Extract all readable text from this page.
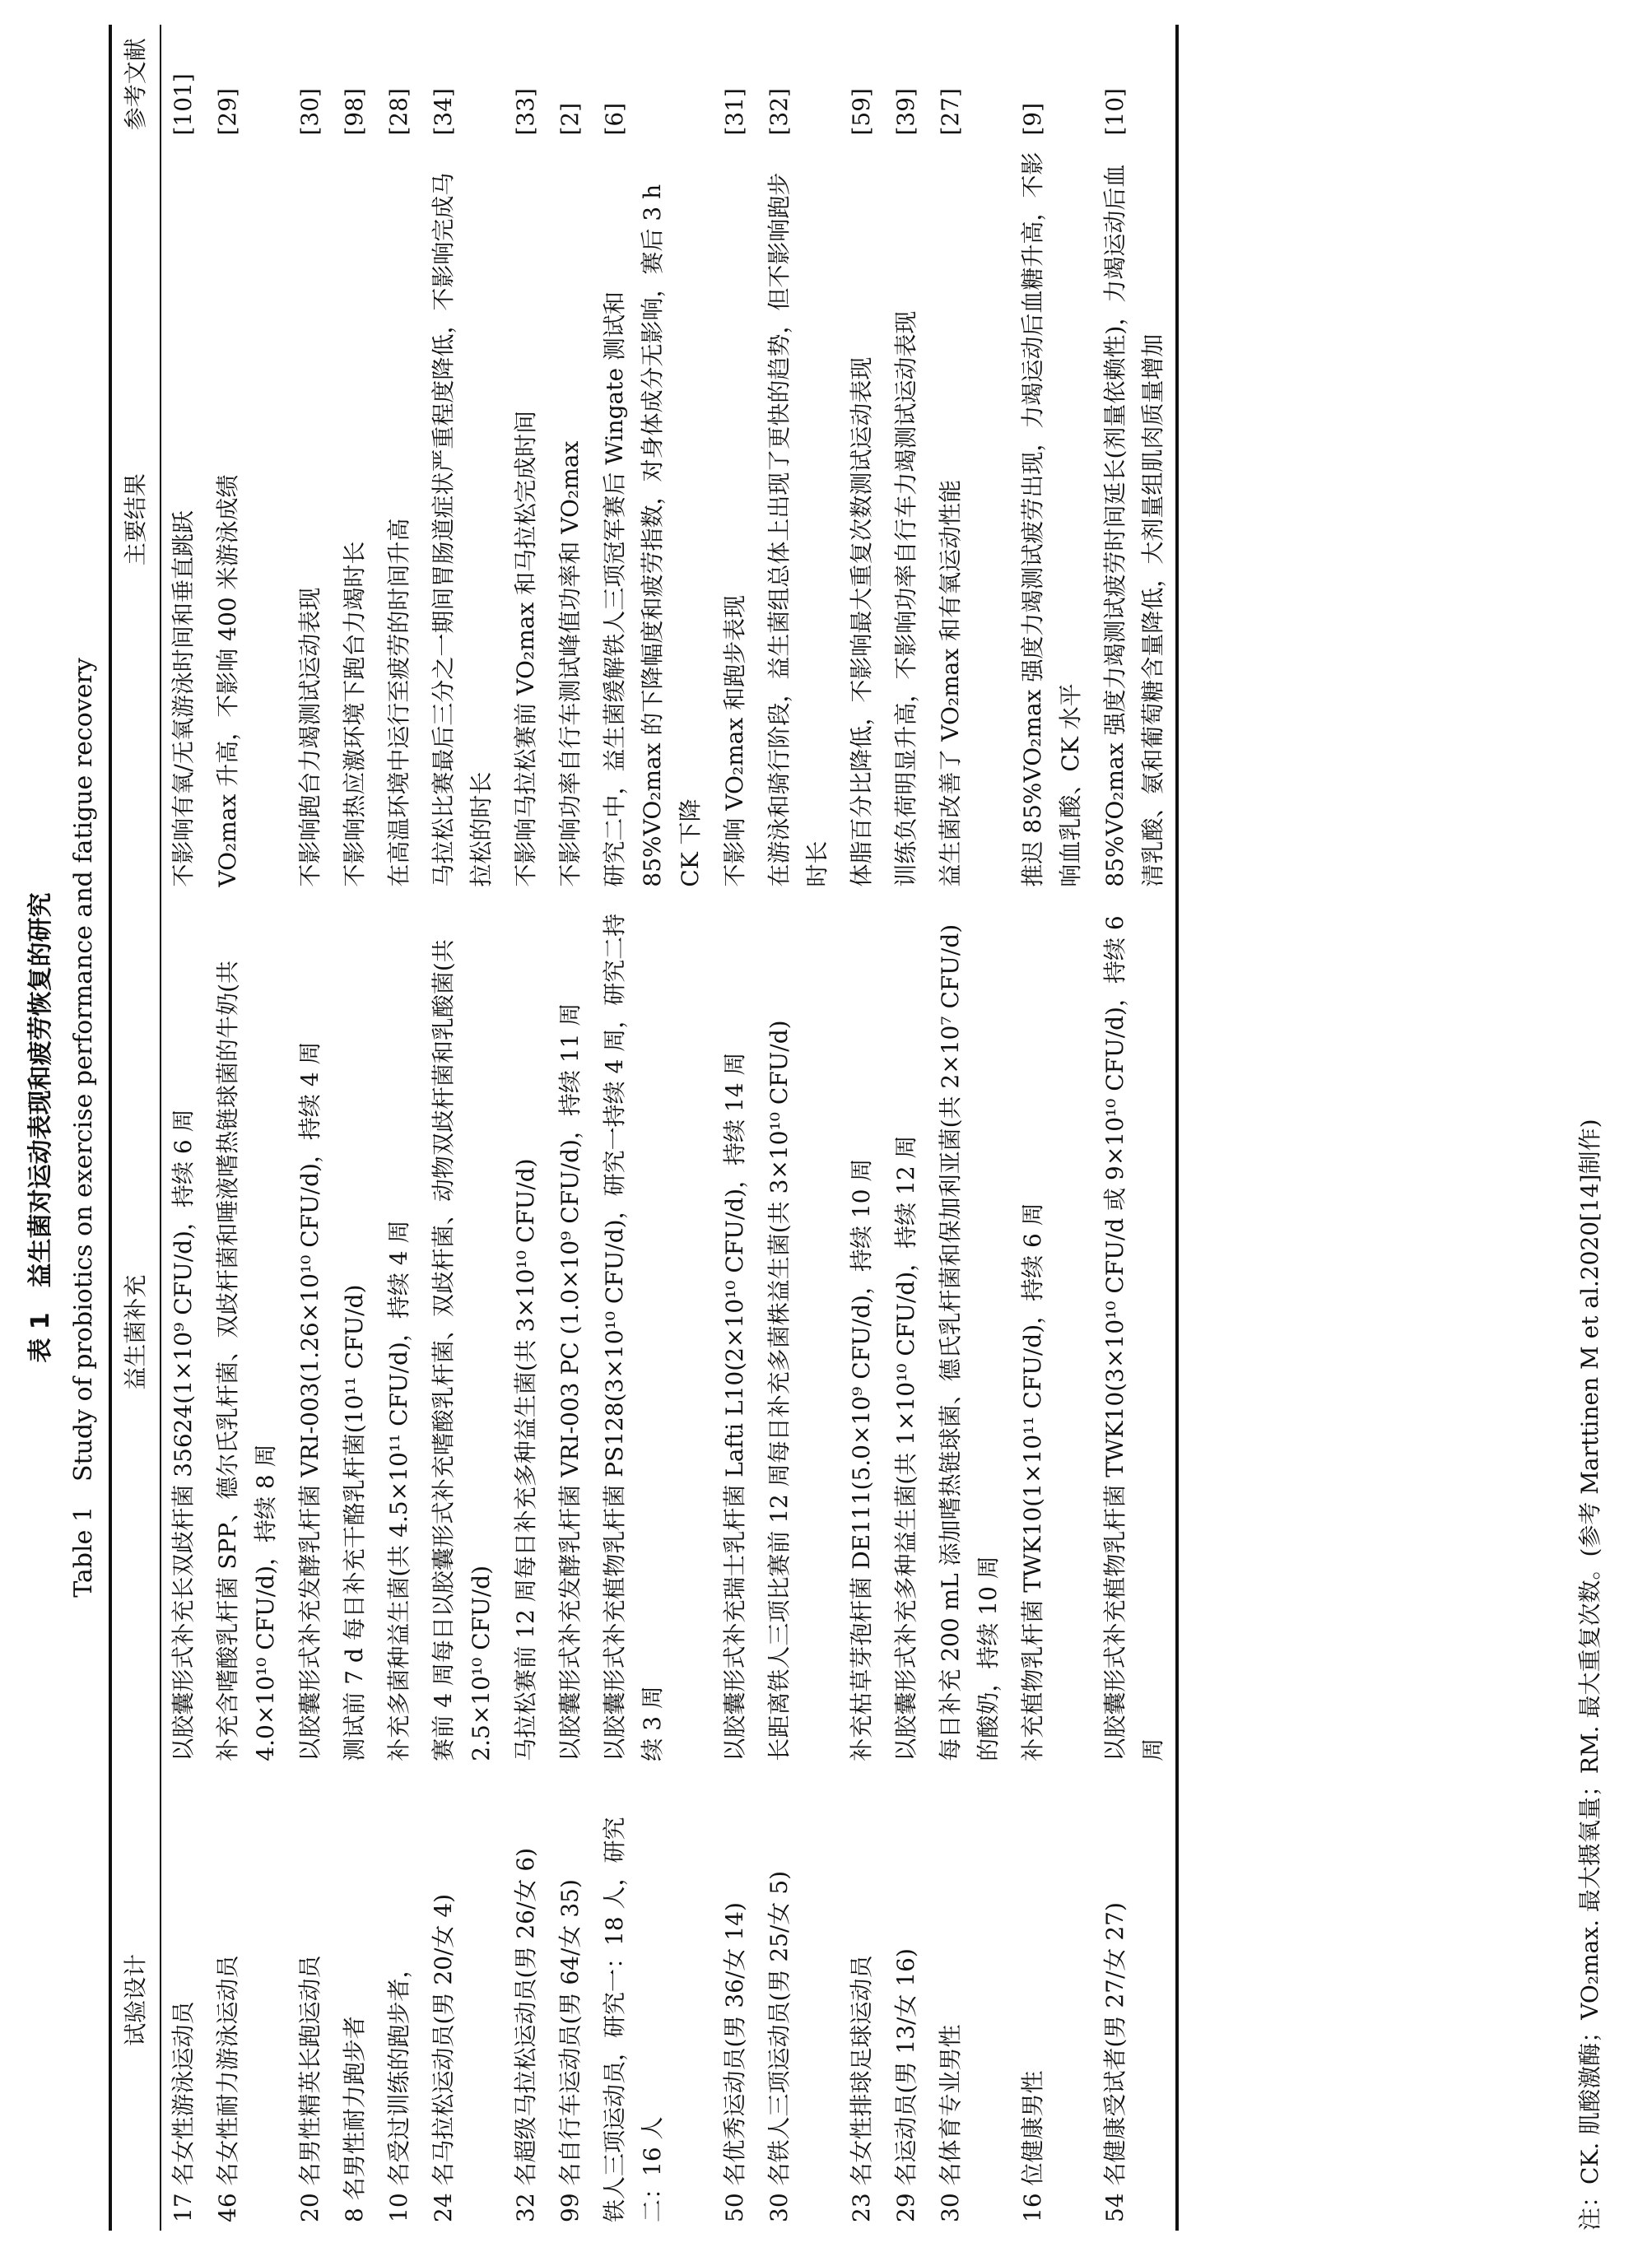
表 1　益生菌对运动表现和疲劳恢复的研究 Table 1　Study of probiotics on exercise performance and fatigue recovery
试验设计	益生菌补充	主要结果	参考文献
17 名女性游泳运动员	以胶囊形式补充长双歧杆菌 35624(1×10⁹ CFU/d)，持续 6 周	不影响有氧/无氧游泳时间和垂直跳跃	[101]
46 名女性耐力游泳运动员	补充含嗜酸乳杆菌 SPP、德尔氏乳杆菌、双歧杆菌和唾液嗜热链球菌的牛奶(共 4.0×10¹⁰ CFU/d)，持续 8 周	VO₂max 升高，不影响 400 米游泳成绩	[29]
20 名男性精英长跑运动员	以胶囊形式补充发酵乳杆菌 VRI-003(1.26×10¹⁰ CFU/d)，持续 4 周	不影响跑台力竭测试运动表现	[30]
8 名男性耐力跑步者	测试前 7 d 每日补充干酪乳杆菌(10¹¹ CFU/d)	不影响热应激环境下跑台力竭时长	[98]
10 名受过训练的跑步者，	补充多菌种益生菌(共 4.5×10¹¹ CFU/d)，持续 4 周	在高温环境中运行至疲劳的时间升高	[28]
24 名马拉松运动员(男 20/女 4)	赛前 4 周每日以胶囊形式补充嗜酸乳杆菌、双歧杆菌、动物双歧杆菌和乳酸菌(共 2.5×10¹⁰ CFU/d)	马拉松比赛最后三分之一期间胃肠道症状严重程度降低，不影响完成马拉松的时长	[34]
32 名超级马拉松运动员(男 26/女 6)	马拉松赛前 12 周每日补充多种益生菌(共 3×10¹⁰ CFU/d)	不影响马拉松赛前 VO₂max 和马拉松完成时间	[33]
99 名自行车运动员(男 64/女 35)	以胶囊形式补充发酵乳杆菌 VRI-003 PC (1.0×10⁹ CFU/d)，持续 11 周	不影响功率自行车测试峰值功率和 VO₂max	[2]
铁人三项运动员，研究一：18 人，研究二：16 人	以胶囊形式补充植物乳杆菌 PS128(3×10¹⁰ CFU/d)，研究一持续 4 周，研究二持续 3 周	研究二中，益生菌缓解铁人三项冠军赛后 Wingate 测试和 85%VO₂max 的下降幅度和疲劳指数，对身体成分无影响，赛后 3 h CK 下降	[6]
50 名优秀运动员(男 36/女 14)	以胶囊形式补充瑞士乳杆菌 Lafti L10(2×10¹⁰ CFU/d)，持续 14 周	不影响 VO₂max 和跑步表现	[31]
30 名铁人三项运动员(男 25/女 5)	长距离铁人三项比赛前 12 周每日补充多菌株益生菌(共 3×10¹⁰ CFU/d)	在游泳和骑行阶段，益生菌组总体上出现了更快的趋势，但不影响跑步时长	[32]
23 名女性排球足球运动员	补充枯草芽孢杆菌 DE111(5.0×10⁹ CFU/d)，持续 10 周	体脂百分比降低，不影响最大重复次数测试运动表现	[59]
29 名运动员(男 13/女 16)	以胶囊形式补充多种益生菌(共 1×10¹⁰ CFU/d)，持续 12 周	训练负荷明显升高，不影响功率自行车力竭测试运动表现	[39]
30 名体育专业男性	每日补充 200 mL 添加嗜热链球菌、德氏乳杆菌和保加利亚菌(共 2×10⁷ CFU/d)的酸奶，持续 10 周	益生菌改善了 VO₂max 和有氧运动性能	[27]
16 位健康男性	补充植物乳杆菌 TWK10(1×10¹¹ CFU/d)，持续 6 周	推迟 85%VO₂max 强度力竭测试疲劳出现，力竭运动后血糖升高，不影响血乳酸、CK 水平	[9]
54 名健康受试者(男 27/女 27)	以胶囊形式补充植物乳杆菌 TWK10(3×10¹⁰ CFU/d 或 9×10¹⁰ CFU/d)，持续 6 周	85%VO₂max 强度力竭测试疲劳时间延长(剂量依赖性)，力竭运动后血清乳酸、氨和葡萄糖含量降低，大剂量组肌肉质量增加	[10]
注：CK. 肌酸激酶；VO₂max. 最大摄氧量；RM. 最大重复次数。(参考 Marttinen M et al.2020[14]制作)
